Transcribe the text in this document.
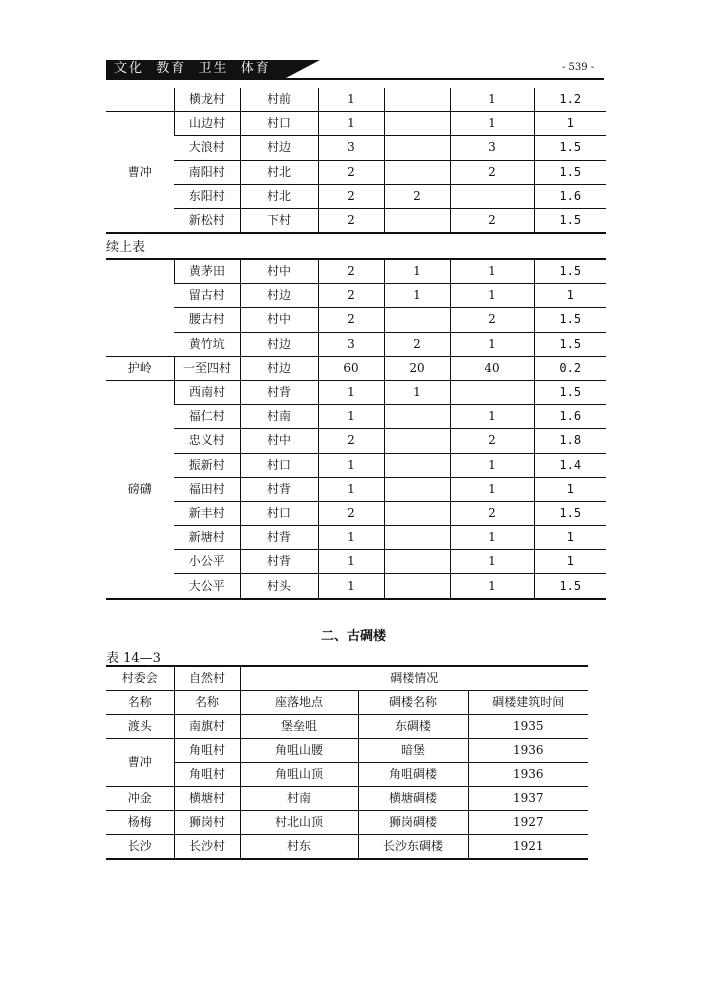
文化  教育  卫生  体育	- 539 -
	横龙村	村前	1		1	1.2
曹冲	山边村	村口	1		1	1
	大浪村	村边	3		3	1.5
	南阳村	村北	2		2	1.5
	东阳村	村北	2	2		1.6
	新松村	下村	2		2	1.5
续上表
	黄茅田	村中	2	1	1	1.5
	留古村	村边	2	1	1	1
	腰古村	村中	2		2	1.5
	黄竹坑	村边	3	2	1	1.5
护岭	一至四村	村边	60	20	40	0.2
磅礴	西南村	村背	1	1		1.5
	福仁村	村南	1		1	1.6
	忠义村	村中	2		2	1.8
	振新村	村口	1		1	1.4
	福田村	村背	1		1	1
	新丰村	村口	2		2	1.5
	新塘村	村背	1		1	1
	小公平	村背	1		1	1
	大公平	村头	1		1	1.5
二、古碉楼
表 14—3
村委会	自然村	碉楼情况		
名称	名称	座落地点	碉楼名称	碉楼建筑时间
渡头	南旗村	堡垒咀	东碉楼	1935
曹冲	角咀村	角咀山腰	暗堡	1936
	角咀村	角咀山顶	角咀碉楼	1936
冲金	横塘村	村南	横塘碉楼	1937
杨梅	狮岗村	村北山顶	狮岗碉楼	1927
长沙	长沙村	村东	长沙东碉楼	1921
